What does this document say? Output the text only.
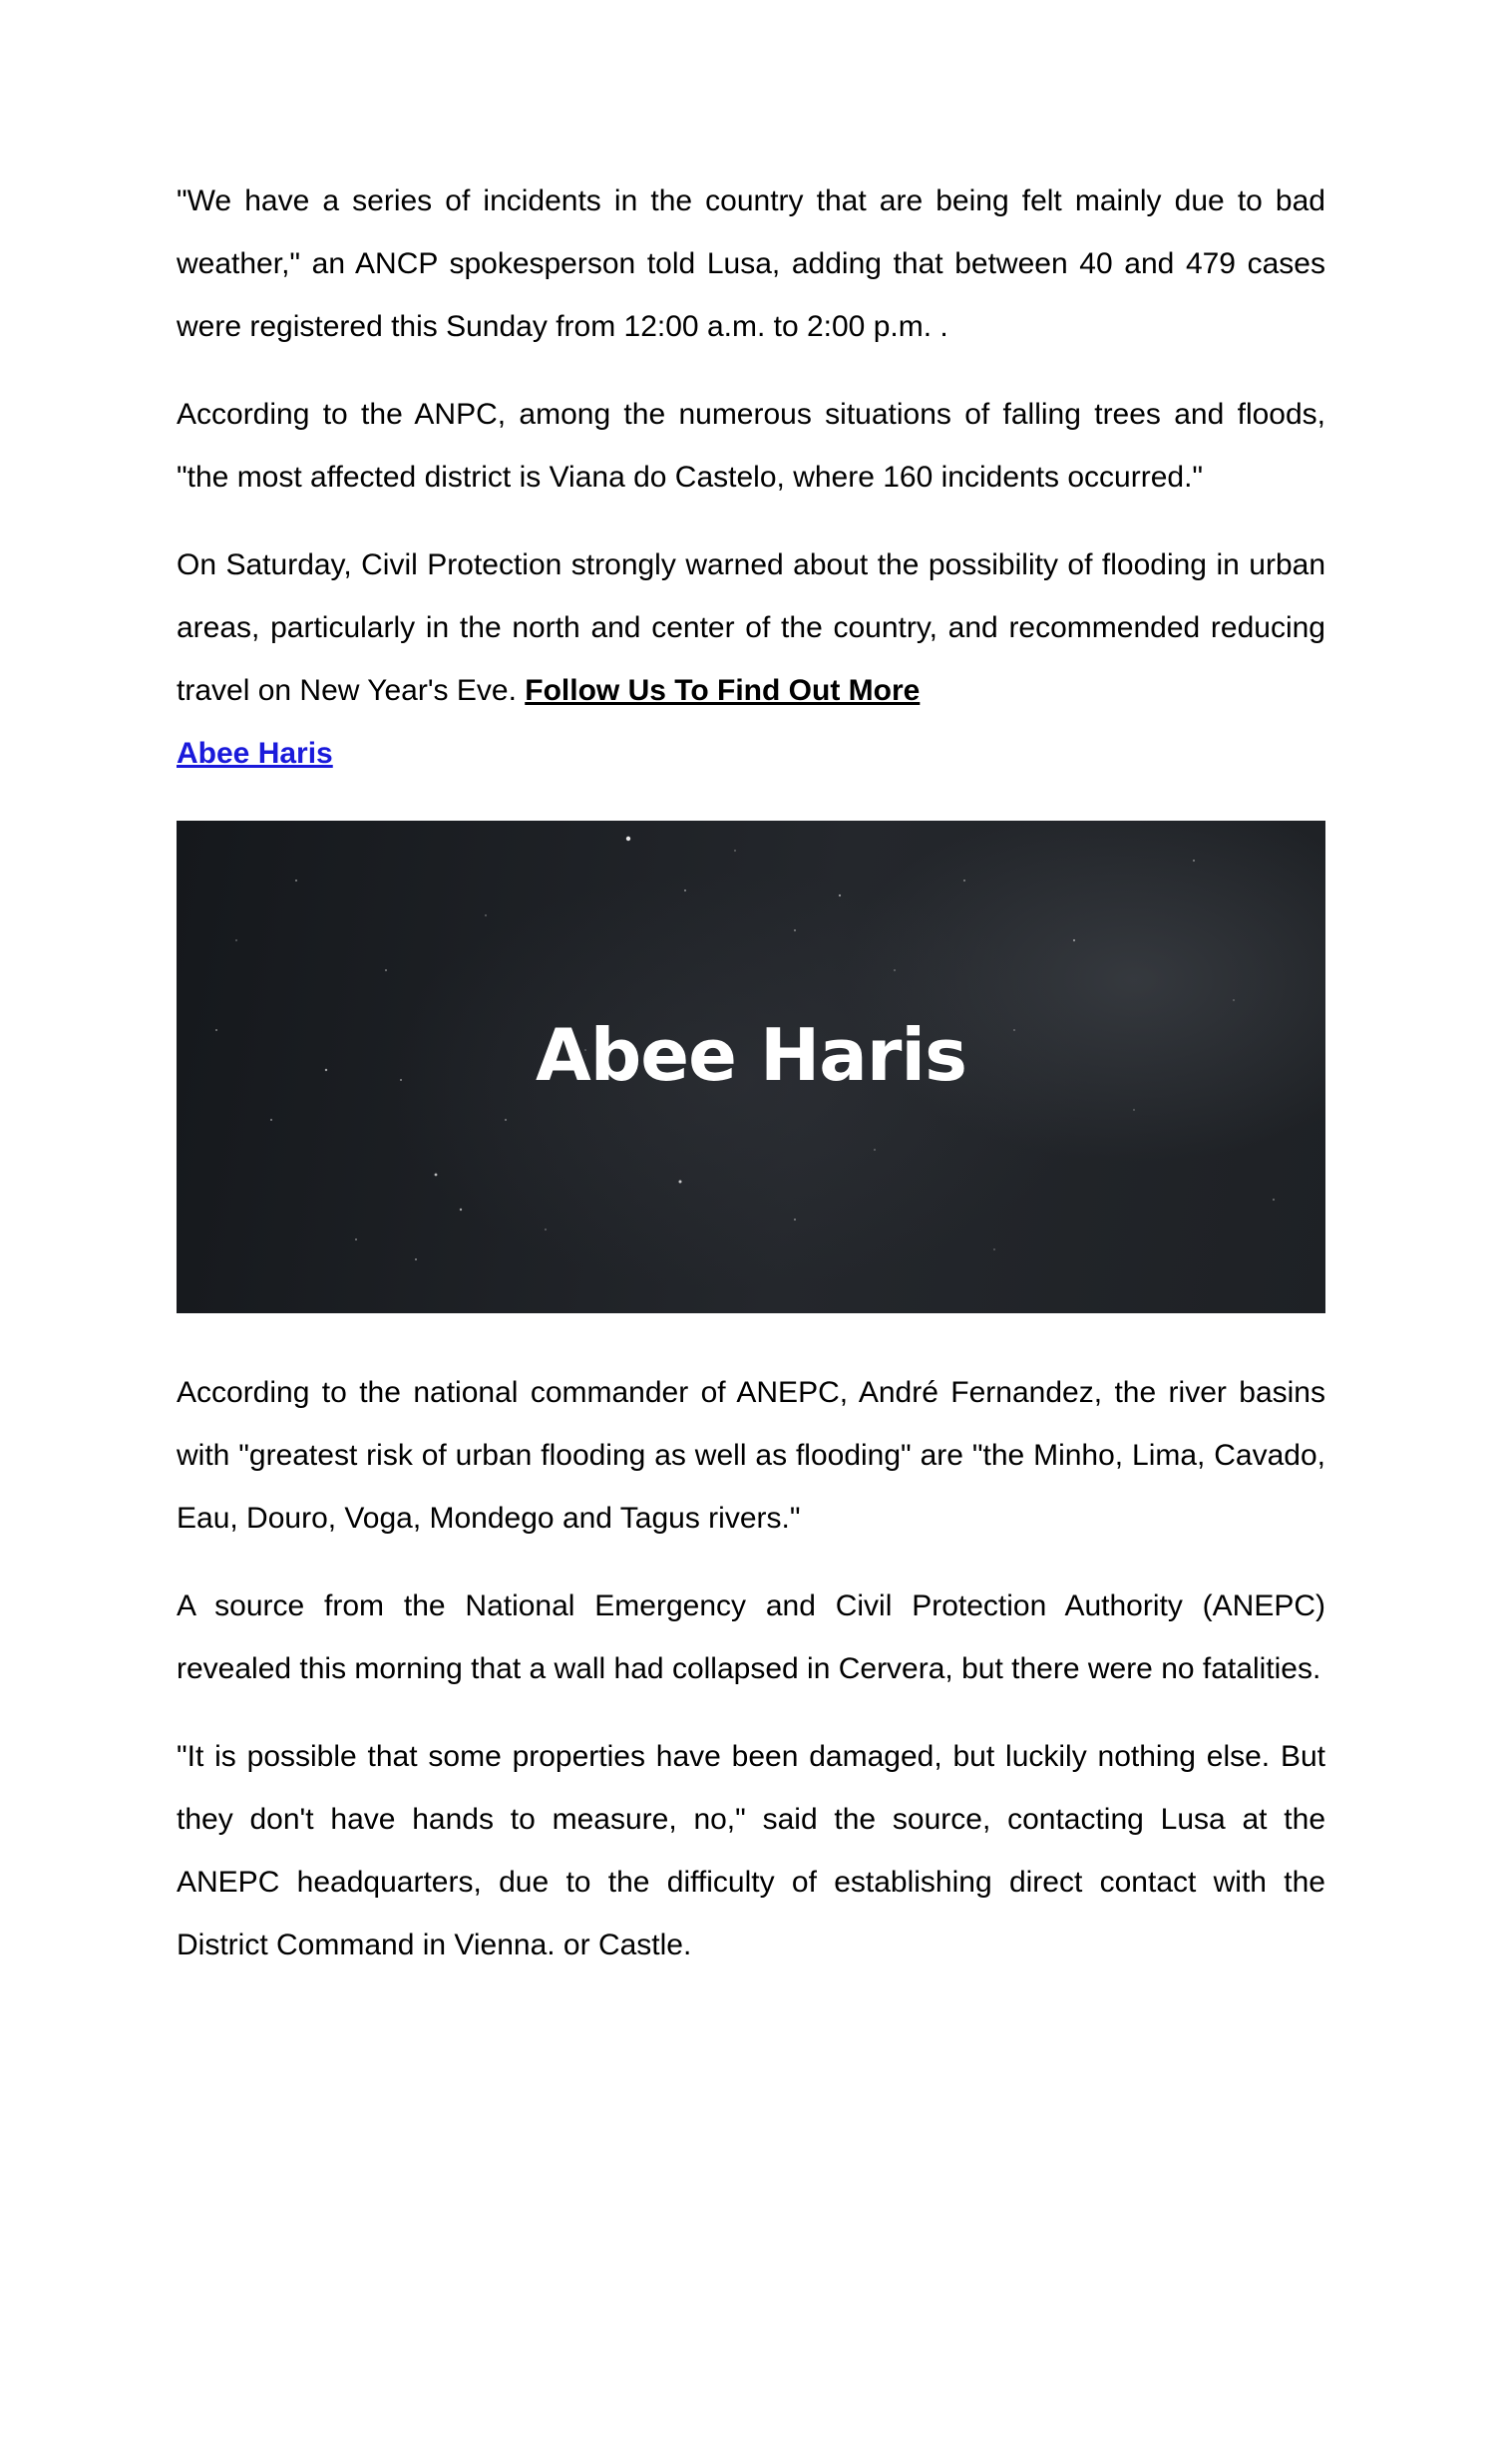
"We have a series of incidents in the country that are being felt mainly due to bad weather," an ANCP spokesperson told Lusa, adding that between 40 and 479 cases were registered this Sunday from 12:00 a.m. to 2:00 p.m. .

According to the ANPC, among the numerous situations of falling trees and floods, "the most affected district is Viana do Castelo, where 160 incidents occurred."

On Saturday, Civil Protection strongly warned about the possibility of flooding in urban areas, particularly in the north and center of the country, and recommended reducing travel on New Year's Eve. Follow Us To Find Out More
Abee Haris

Abee Haris

According to the national commander of ANEPC, André Fernandez, the river basins with "greatest risk of urban flooding as well as flooding" are "the Minho, Lima, Cavado, Eau, Douro, Voga, Mondego and Tagus rivers."

A source from the National Emergency and Civil Protection Authority (ANEPC) revealed this morning that a wall had collapsed in Cervera, but there were no fatalities.

"It is possible that some properties have been damaged, but luckily nothing else. But they don't have hands to measure, no," said the source, contacting Lusa at the ANEPC headquarters, due to the difficulty of establishing direct contact with the District Command in Vienna. or Castle.
